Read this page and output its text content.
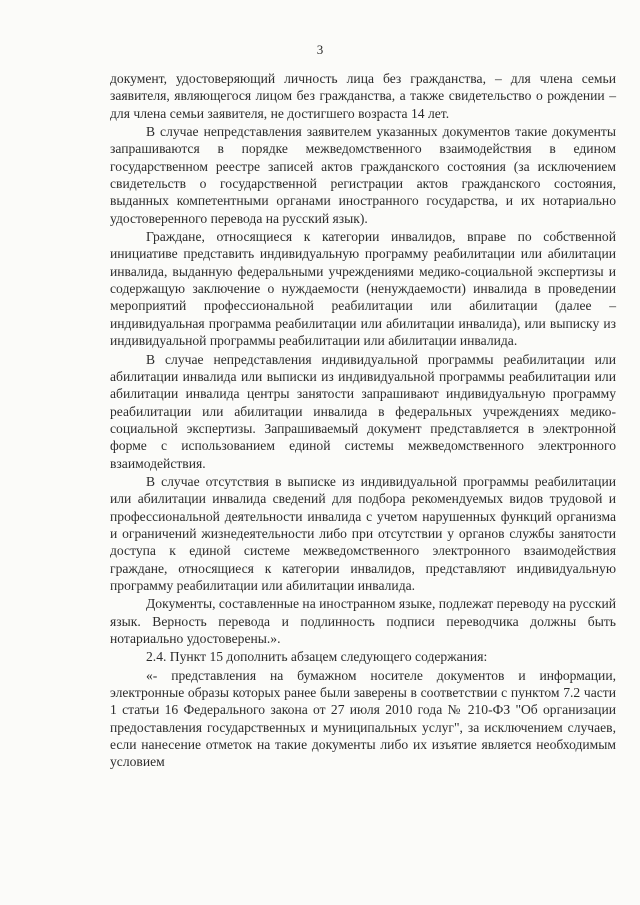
3

документ, удостоверяющий личность лица без гражданства, – для члена семьи заявителя, являющегося лицом без гражданства, а также свидетельство о рождении – для члена семьи заявителя, не достигшего возраста 14 лет.

В случае непредставления заявителем указанных документов такие документы запрашиваются в порядке межведомственного взаимодействия в едином государственном реестре записей актов гражданского состояния (за исключением свидетельств о государственной регистрации актов гражданского состояния, выданных компетентными органами иностранного государства, и их нотариально удостоверенного перевода на русский язык).

Граждане, относящиеся к категории инвалидов, вправе по собственной инициативе представить индивидуальную программу реабилитации или абилитации инвалида, выданную федеральными учреждениями медико-социальной экспертизы и содержащую заключение о нуждаемости (ненуждаемости) инвалида в проведении мероприятий профессиональной реабилитации или абилитации (далее – индивидуальная программа реабилитации или абилитации инвалида), или выписку из индивидуальной программы реабилитации или абилитации инвалида.

В случае непредставления индивидуальной программы реабилитации или абилитации инвалида или выписки из индивидуальной программы реабилитации или абилитации инвалида центры занятости запрашивают индивидуальную программу реабилитации или абилитации инвалида в федеральных учреждениях медико-социальной экспертизы. Запрашиваемый документ представляется в электронной форме с использованием единой системы межведомственного электронного взаимодействия.

В случае отсутствия в выписке из индивидуальной программы реабилитации или абилитации инвалида сведений для подбора рекомендуемых видов трудовой и профессиональной деятельности инвалида с учетом нарушенных функций организма и ограничений жизнедеятельности либо при отсутствии у органов службы занятости доступа к единой системе межведомственного электронного взаимодействия граждане, относящиеся к категории инвалидов, представляют индивидуальную программу реабилитации или абилитации инвалида.

Документы, составленные на иностранном языке, подлежат переводу на русский язык. Верность перевода и подлинность подписи переводчика должны быть нотариально удостоверены.».

2.4. Пункт 15 дополнить абзацем следующего содержания:

«- представления на бумажном носителе документов и информации, электронные образы которых ранее были заверены в соответствии с пунктом 7.2 части 1 статьи 16 Федерального закона от 27 июля 2010 года № 210-ФЗ "Об организации предоставления государственных и муниципальных услуг", за исключением случаев, если нанесение отметок на такие документы либо их изъятие является необходимым условием
